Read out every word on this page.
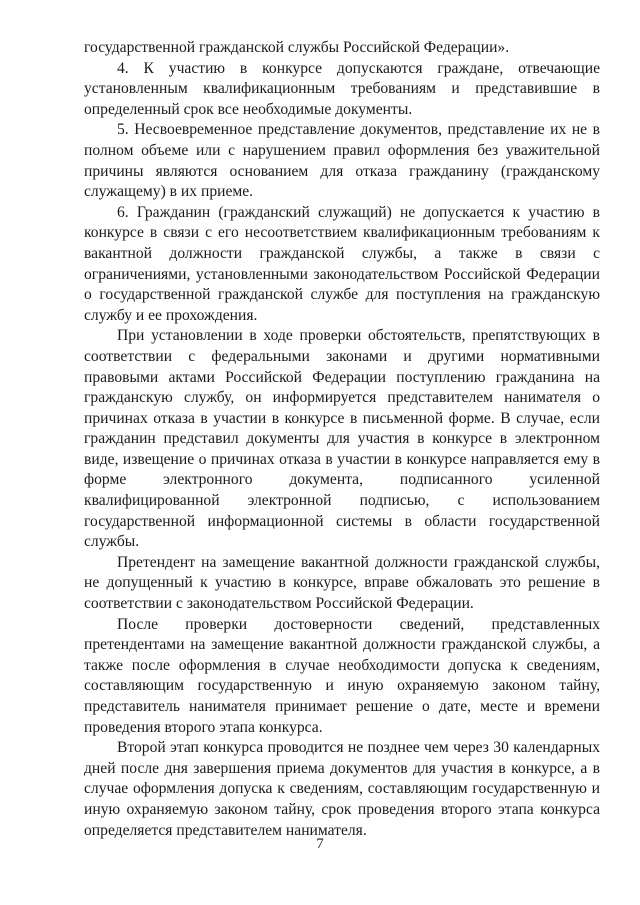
государственной гражданской службы Российской Федерации».

4. К участию в конкурсе допускаются граждане, отвечающие установленным квалификационным требованиям и представившие в определенный срок все необходимые документы.

5. Несвоевременное представление документов, представление их не в полном объеме или с нарушением правил оформления без уважительной причины являются основанием для отказа гражданину (гражданскому служащему) в их приеме.

6. Гражданин (гражданский служащий) не допускается к участию в конкурсе в связи с его несоответствием квалификационным требованиям к вакантной должности гражданской службы, а также в связи с ограничениями, установленными законодательством Российской Федерации о государственной гражданской службе для поступления на гражданскую службу и ее прохождения.

При установлении в ходе проверки обстоятельств, препятствующих в соответствии с федеральными законами и другими нормативными правовыми актами Российской Федерации поступлению гражданина на гражданскую службу, он информируется представителем нанимателя о причинах отказа в участии в конкурсе в письменной форме. В случае, если гражданин представил документы для участия в конкурсе в электронном виде, извещение о причинах отказа в участии в конкурсе направляется ему в форме электронного документа, подписанного усиленной квалифицированной электронной подписью, с использованием государственной информационной системы в области государственной службы.

Претендент на замещение вакантной должности гражданской службы, не допущенный к участию в конкурсе, вправе обжаловать это решение в соответствии с законодательством Российской Федерации.

После проверки достоверности сведений, представленных претендентами на замещение вакантной должности гражданской службы, а также после оформления в случае необходимости допуска к сведениям, составляющим государственную и иную охраняемую законом тайну, представитель нанимателя принимает решение о дате, месте и времени проведения второго этапа конкурса.

Второй этап конкурса проводится не позднее чем через 30 календарных дней после дня завершения приема документов для участия в конкурсе, а в случае оформления допуска к сведениям, составляющим государственную и иную охраняемую законом тайну, срок проведения второго этапа конкурса определяется представителем нанимателя.

7
